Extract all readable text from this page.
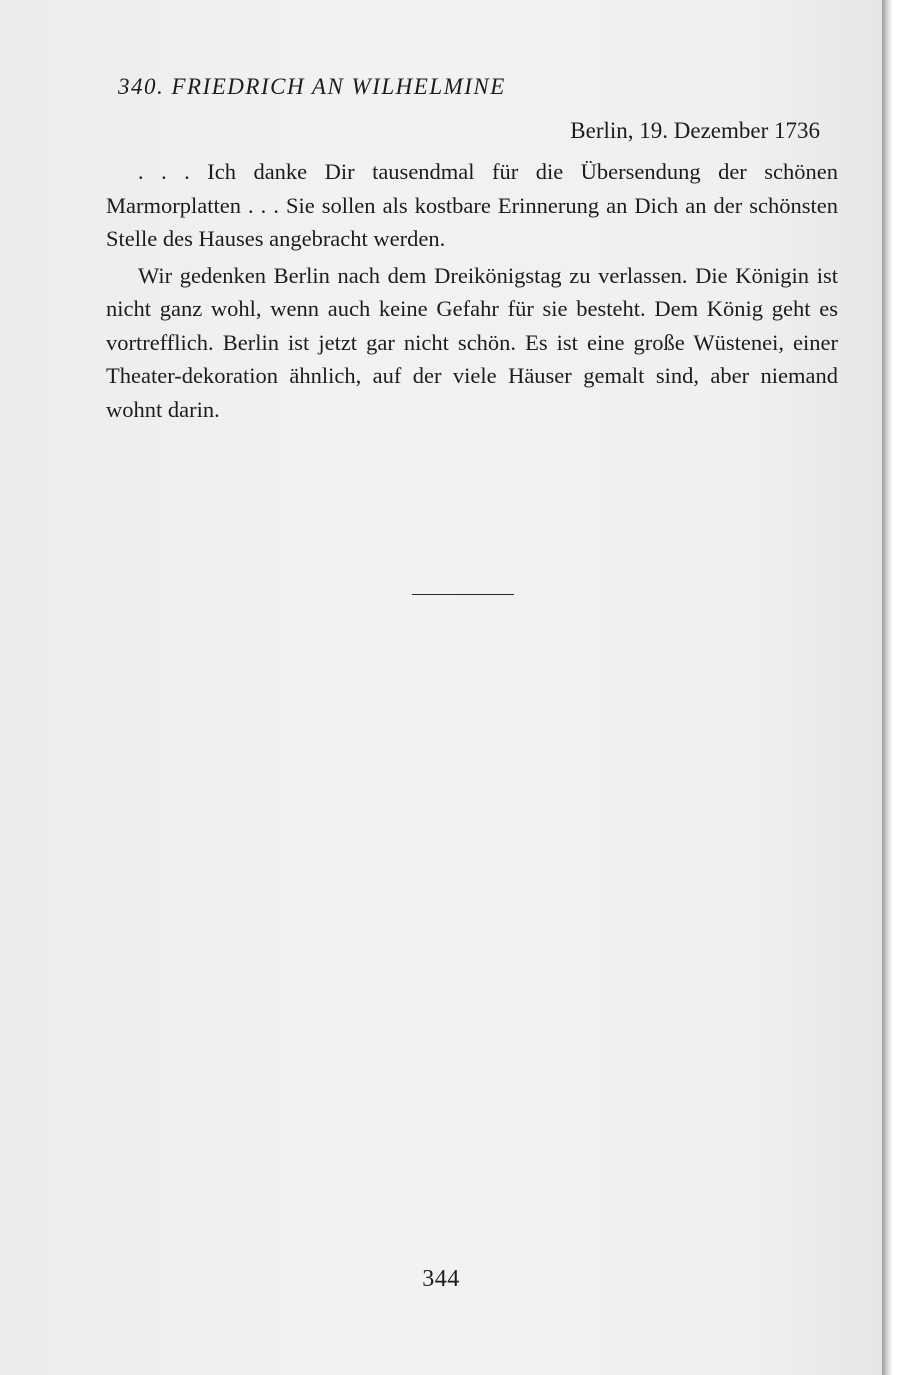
340. FRIEDRICH AN WILHELMINE

Berlin, 19. Dezember 1736

. . . Ich danke Dir tausendmal für die Übersendung der schönen Marmorplatten . . . Sie sollen als kostbare Erinnerung an Dich an der schönsten Stelle des Hauses angebracht werden.

Wir gedenken Berlin nach dem Dreikönigstag zu verlassen. Die Königin ist nicht ganz wohl, wenn auch keine Gefahr für sie besteht. Dem König geht es vortrefflich. Berlin ist jetzt gar nicht schön. Es ist eine große Wüstenei, einer Theater-dekoration ähnlich, auf der viele Häuser gemalt sind, aber niemand wohnt darin.

344
